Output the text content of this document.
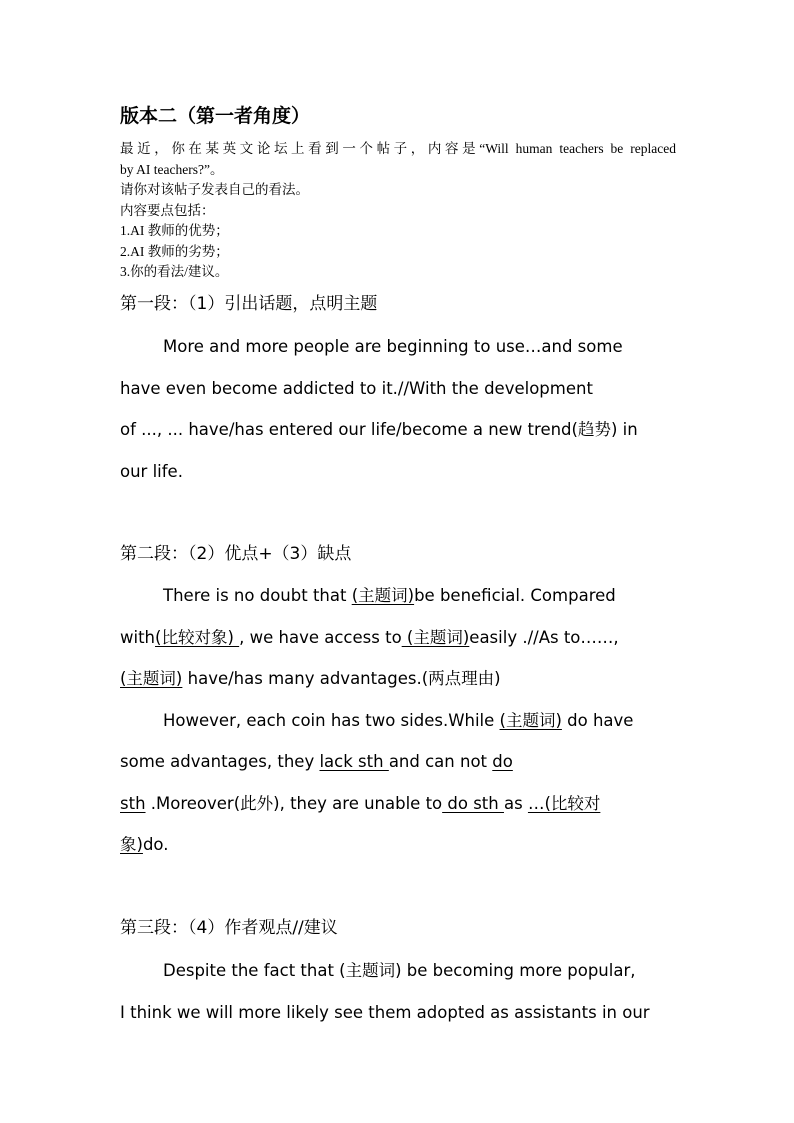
版本二（第一者角度）
最近，你在某英文论坛上看到一个帖子，内容是“Will human teachers be replaced
by AI teachers?”。
请你对该帖子发表自己的看法。
内容要点包括：
1.AI 教师的优势；
2.AI 教师的劣势；
3.你的看法/建议。
第一段：（1）引出话题，点明主题
More and more people are beginning to use…and some
have even become addicted to it.//With the development
of ..., ... have/has entered our life/become a new trend(趋势) in
our life.
第二段：（2）优点+（3）缺点
There is no doubt that (主题词)be beneficial. Compared
with(比较对象) , we have access to (主题词)easily .//As to……,
(主题词) have/has many advantages.(两点理由)
However, each coin has two sides.While (主题词) do have
some advantages, they lack sth and can not do
sth .Moreover(此外), they are unable to do sth as …(比较对
象)do.
第三段：（4）作者观点//建议
Despite the fact that (主题词) be becoming more popular,
I think we will more likely see them adopted as assistants in our
